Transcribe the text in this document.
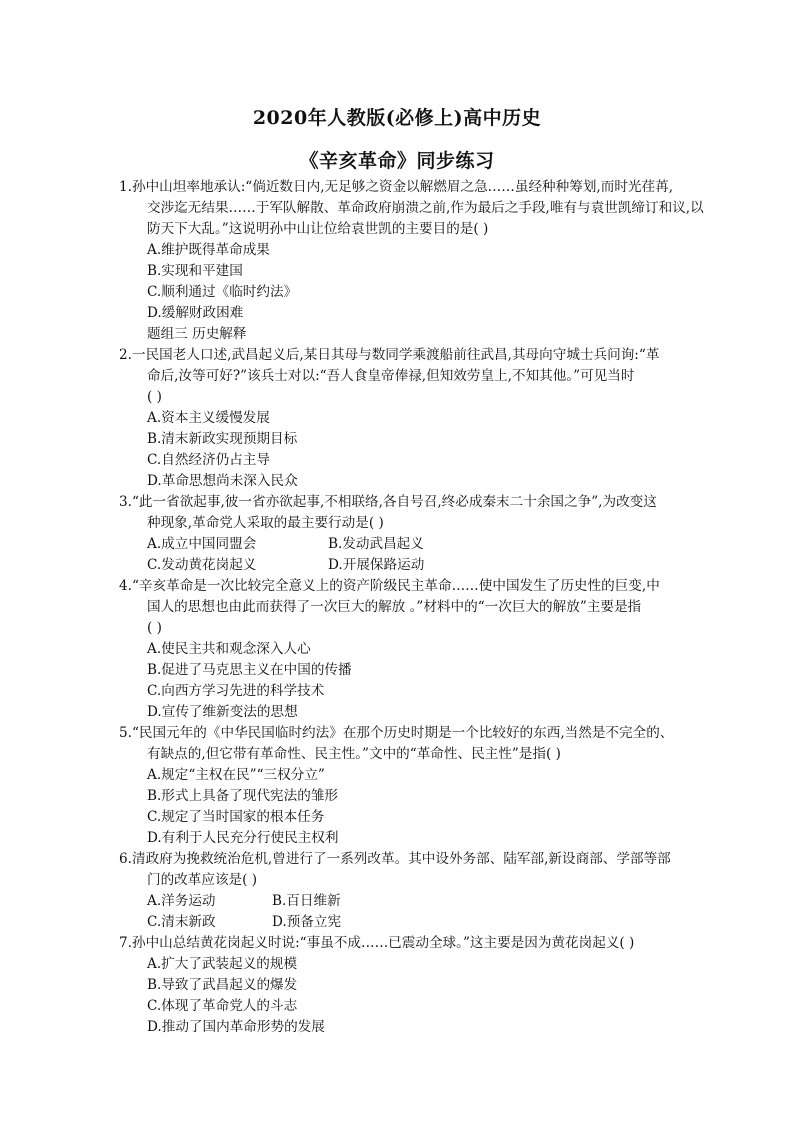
2020年人教版(必修上)高中历史
《辛亥革命》同步练习
1.孙中山坦率地承认:“倘近数日内,无足够之资金以解燃眉之急……虽经种种筹划,而时光荏苒,
交涉迄无结果……于军队解散、革命政府崩溃之前,作为最后之手段,唯有与袁世凯缔订和议,以
防天下大乱。”这说明孙中山让位给袁世凯的主要目的是( )
A.维护既得革命成果
B.实现和平建国
C.顺利通过《临时约法》
D.缓解财政困难
题组三 历史解释
2.一民国老人口述,武昌起义后,某日其母与数同学乘渡船前往武昌,其母向守城士兵问询:“革
命后,汝等可好?”该兵士对以:“吾人食皇帝俸禄,但知效劳皇上,不知其他。”可见当时
( )
A.资本主义缓慢发展
B.清末新政实现预期目标
C.自然经济仍占主导
D.革命思想尚未深入民众
3.“此一省欲起事,彼一省亦欲起事,不相联络,各自号召,终必成秦末二十余国之争”,为改变这
种现象,革命党人采取的最主要行动是( )
A.成立中国同盟会	B.发动武昌起义
C.发动黄花岗起义	D.开展保路运动
4.“辛亥革命是一次比较完全意义上的资产阶级民主革命……使中国发生了历史性的巨变,中
国人的思想也由此而获得了一次巨大的解放 。”材料中的“一次巨大的解放”主要是指
( )
A.使民主共和观念深入人心
B.促进了马克思主义在中国的传播
C.向西方学习先进的科学技术
D.宣传了维新变法的思想
5.“民国元年的《中华民国临时约法》在那个历史时期是一个比较好的东西,当然是不完全的、
有缺点的,但它带有革命性、民主性。”文中的“革命性、民主性”是指( )
A.规定“主权在民”“三权分立”
B.形式上具备了现代宪法的雏形
C.规定了当时国家的根本任务
D.有利于人民充分行使民主权利
6.清政府为挽救统治危机,曾进行了一系列改革。其中设外务部、陆军部,新设商部、学部等部
门的改革应该是( )
A.洋务运动	B.百日维新
C.清末新政	D.预备立宪
7.孙中山总结黄花岗起义时说:“事虽不成……已震动全球。”这主要是因为黄花岗起义( )
A.扩大了武装起义的规模
B.导致了武昌起义的爆发
C.体现了革命党人的斗志
D.推动了国内革命形势的发展
